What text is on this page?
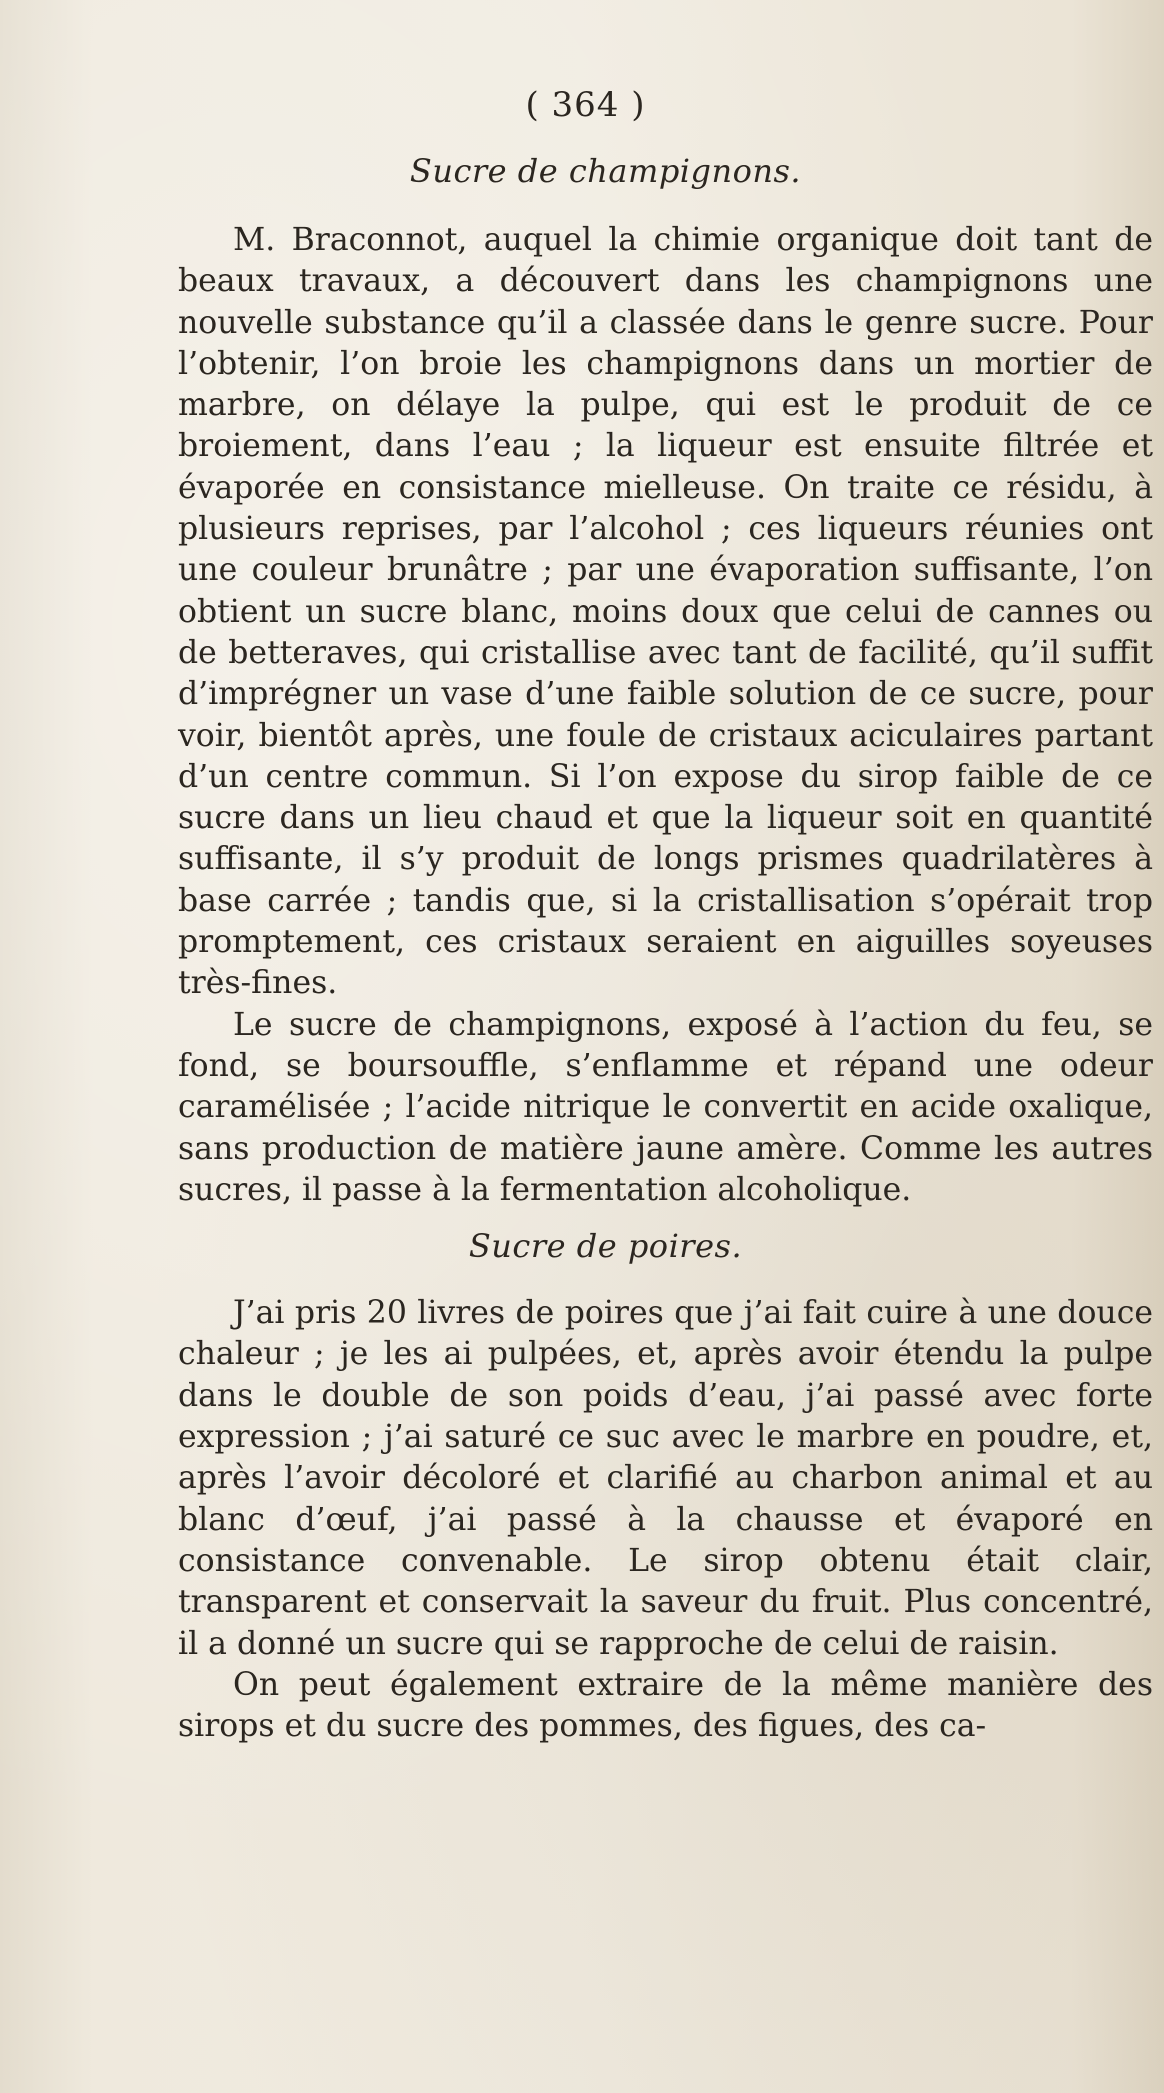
( 364 )
Sucre de champignons.

M. Braconnot, auquel la chimie organique doit tant de beaux travaux, a découvert dans les champignons une nouvelle substance qu’il a classée dans le genre sucre. Pour l’obtenir, l’on broie les champignons dans un mortier de marbre, on délaye la pulpe, qui est le produit de ce broiement, dans l’eau ; la liqueur est ensuite filtrée et évaporée en consistance mielleuse. On traite ce résidu, à plusieurs reprises, par l’alcohol ; ces liqueurs réunies ont une couleur brunâtre ; par une évaporation suffisante, l’on obtient un sucre blanc, moins doux que celui de cannes ou de betteraves, qui cristallise avec tant de facilité, qu’il suffit d’imprégner un vase d’une faible solution de ce sucre, pour voir, bientôt après, une foule de cristaux aciculaires partant d’un centre commun. Si l’on expose du sirop faible de ce sucre dans un lieu chaud et que la liqueur soit en quantité suffisante, il s’y produit de longs prismes quadrilatères à base carrée ; tandis que, si la cristallisation s’opérait trop promptement, ces cristaux seraient en aiguilles soyeuses très-fines.

Le sucre de champignons, exposé à l’action du feu, se fond, se boursouffle, s’enflamme et répand une odeur caramélisée ; l’acide nitrique le convertit en acide oxalique, sans production de matière jaune amère. Comme les autres sucres, il passe à la fermentation alcoholique.

Sucre de poires.

J’ai pris 20 livres de poires que j’ai fait cuire à une douce chaleur ; je les ai pulpées, et, après avoir étendu la pulpe dans le double de son poids d’eau, j’ai passé avec forte expression ; j’ai saturé ce suc avec le marbre en poudre, et, après l’avoir décoloré et clarifié au charbon animal et au blanc d’œuf, j’ai passé à la chausse et évaporé en consistance convenable. Le sirop obtenu était clair, transparent et conservait la saveur du fruit. Plus concentré, il a donné un sucre qui se rapproche de celui de raisin.

On peut également extraire de la même manière des sirops et du sucre des pommes, des figues, des ca-
